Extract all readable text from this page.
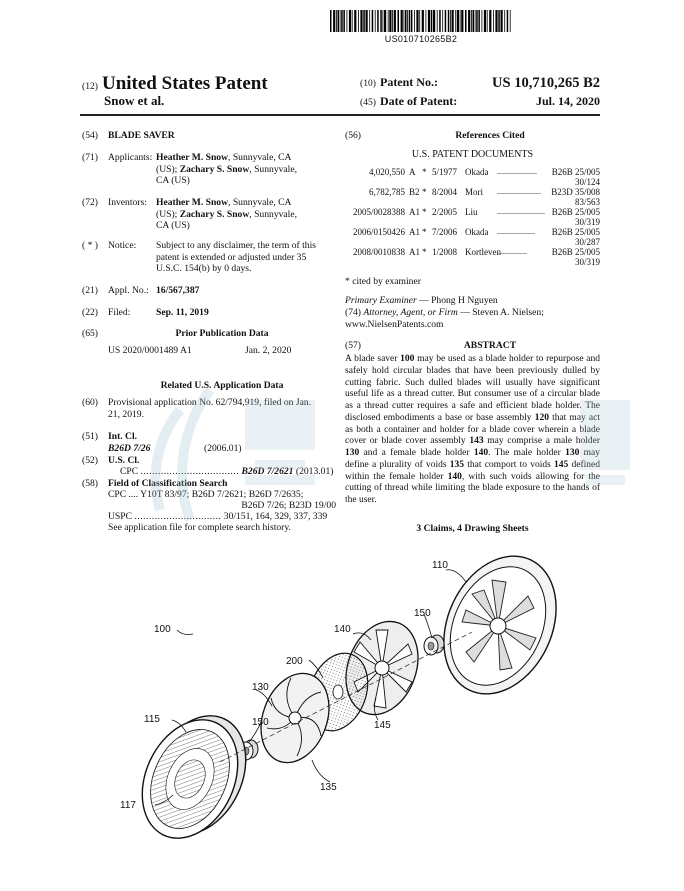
US010710265B2
(12) United States Patent
Snow et al.
(10) Patent No.:	US 10,710,265 B2
(45) Date of Patent:	Jul. 14, 2020
(54)	BLADE SAVER
(71)	Applicants: Heather M. Snow, Sunnyvale, CA
(US); Zachary S. Snow, Sunnyvale,
CA (US)
(72)	Inventors: Heather M. Snow, Sunnyvale, CA
(US); Zachary S. Snow, Sunnyvale,
CA (US)
( * )	Notice: Subject to any disclaimer, the term of this
patent is extended or adjusted under 35
U.S.C. 154(b) by 0 days.
(21)	Appl. No.: 16/567,387
(22)	Filed:	Sep. 11, 2019
(65)	Prior Publication Data
US 2020/0001489 A1	Jan. 2, 2020
Related U.S. Application Data
(60)	Provisional application No. 62/794,919, filed on Jan.
21, 2019.
(51)	Int. Cl.
B26D 7/26	(2006.01)
(52)	U.S. Cl.
CPC .................................. B26D 7/2621 (2013.01)
(58)	Field of Classification Search
CPC .... Y10T 83/97; B26D 7/2621; B26D 7/2635;
B26D 7/26; B23D 19/00
USPC .............................. 30/151, 164, 329, 337, 339
See application file for complete search history.
(56)	References Cited
U.S. PATENT DOCUMENTS
4,020,550 A * 5/1977 Okada ....................	B26B 25/005
30/124
6,782,785 B2 * 8/2004 Mori ......................	B23D 35/008
83/563
2005/0028388 A1 * 2/2005 Liu ........................ B26B 25/005
30/319
2006/0150426 A1 * 7/2006 Okada ...................	B26B 25/005
30/287
2008/0010838 A1 * 1/2008 Kortleven
...............	B26B 25/005
30/319
* cited by examiner
Primary Examiner — Phong H Nguyen
(74) Attorney, Agent, or Firm — Steven A. Nielsen;
www.NielsenPatents.com
(57)	ABSTRACT
A blade saver 100 may be used as a blade holder to repurpose and safely hold circular blades that have been previously dulled by cutting fabric. Such dulled blades will usually have significant useful life as a thread cutter. But consumer use of a circular blade as a thread cutter requires a safe and efficient blade holder. The disclosed embodiments a base or base assembly 120 that may act as both a container and holder for a blade cover wherein a blade cover or blade cover assembly 143 may comprise a male holder 130 and a female blade holder 140. The male holder 130 may define a plurality of voids 135 that comport to voids 145 defined within the female holder 140, with such voids allowing for the cutting of thread while limiting the blade exposure to the hands of the user.
3 Claims, 4 Drawing Sheets
100
110
115
117
130
135
140
145
150
150
200
